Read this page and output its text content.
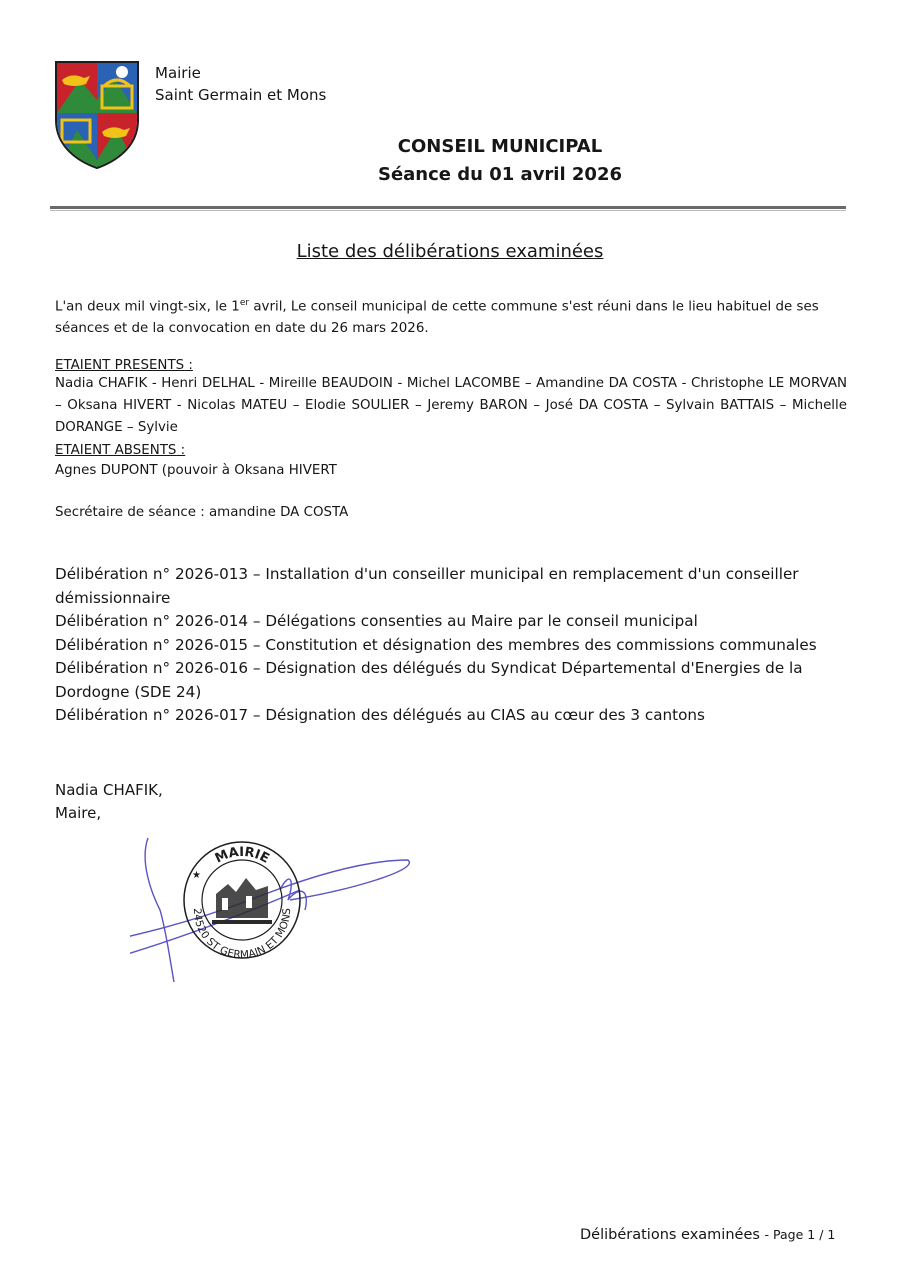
Mairie
Saint Germain et Mons
CONSEIL MUNICIPAL
Séance du 01 avril 2026
Liste des délibérations examinées
L'an deux mil vingt-six, le 1er avril, Le conseil municipal de cette commune s'est réuni dans le lieu habituel de ses séances et de la convocation en date du 26 mars 2026.
ETAIENT PRESENTS :
Nadia CHAFIK - Henri DELHAL - Mireille BEAUDOIN - Michel LACOMBE – Amandine DA COSTA - Christophe LE MORVAN – Oksana HIVERT - Nicolas MATEU – Elodie SOULIER – Jeremy BARON – José DA COSTA – Sylvain BATTAIS – Michelle DORANGE – Sylvie
ETAIENT ABSENTS :
Agnes DUPONT (pouvoir à Oksana HIVERT
Secrétaire de séance : amandine DA COSTA
Délibération n° 2026-013 – Installation d'un conseiller municipal en remplacement d'un conseiller démissionnaire
Délibération n° 2026-014 – Délégations consenties au Maire par le conseil municipal
Délibération n° 2026-015 – Constitution et désignation des membres des commissions communales
Délibération n° 2026-016 – Désignation des délégués du Syndicat Départemental d'Energies de la Dordogne (SDE 24)
Délibération n° 2026-017 – Désignation des délégués au CIAS au cœur des 3 cantons
Nadia CHAFIK,
Maire,
MAIRIE
24520 ST GERMAIN ET MONS
★
Délibérations examinées - Page 1 / 1
